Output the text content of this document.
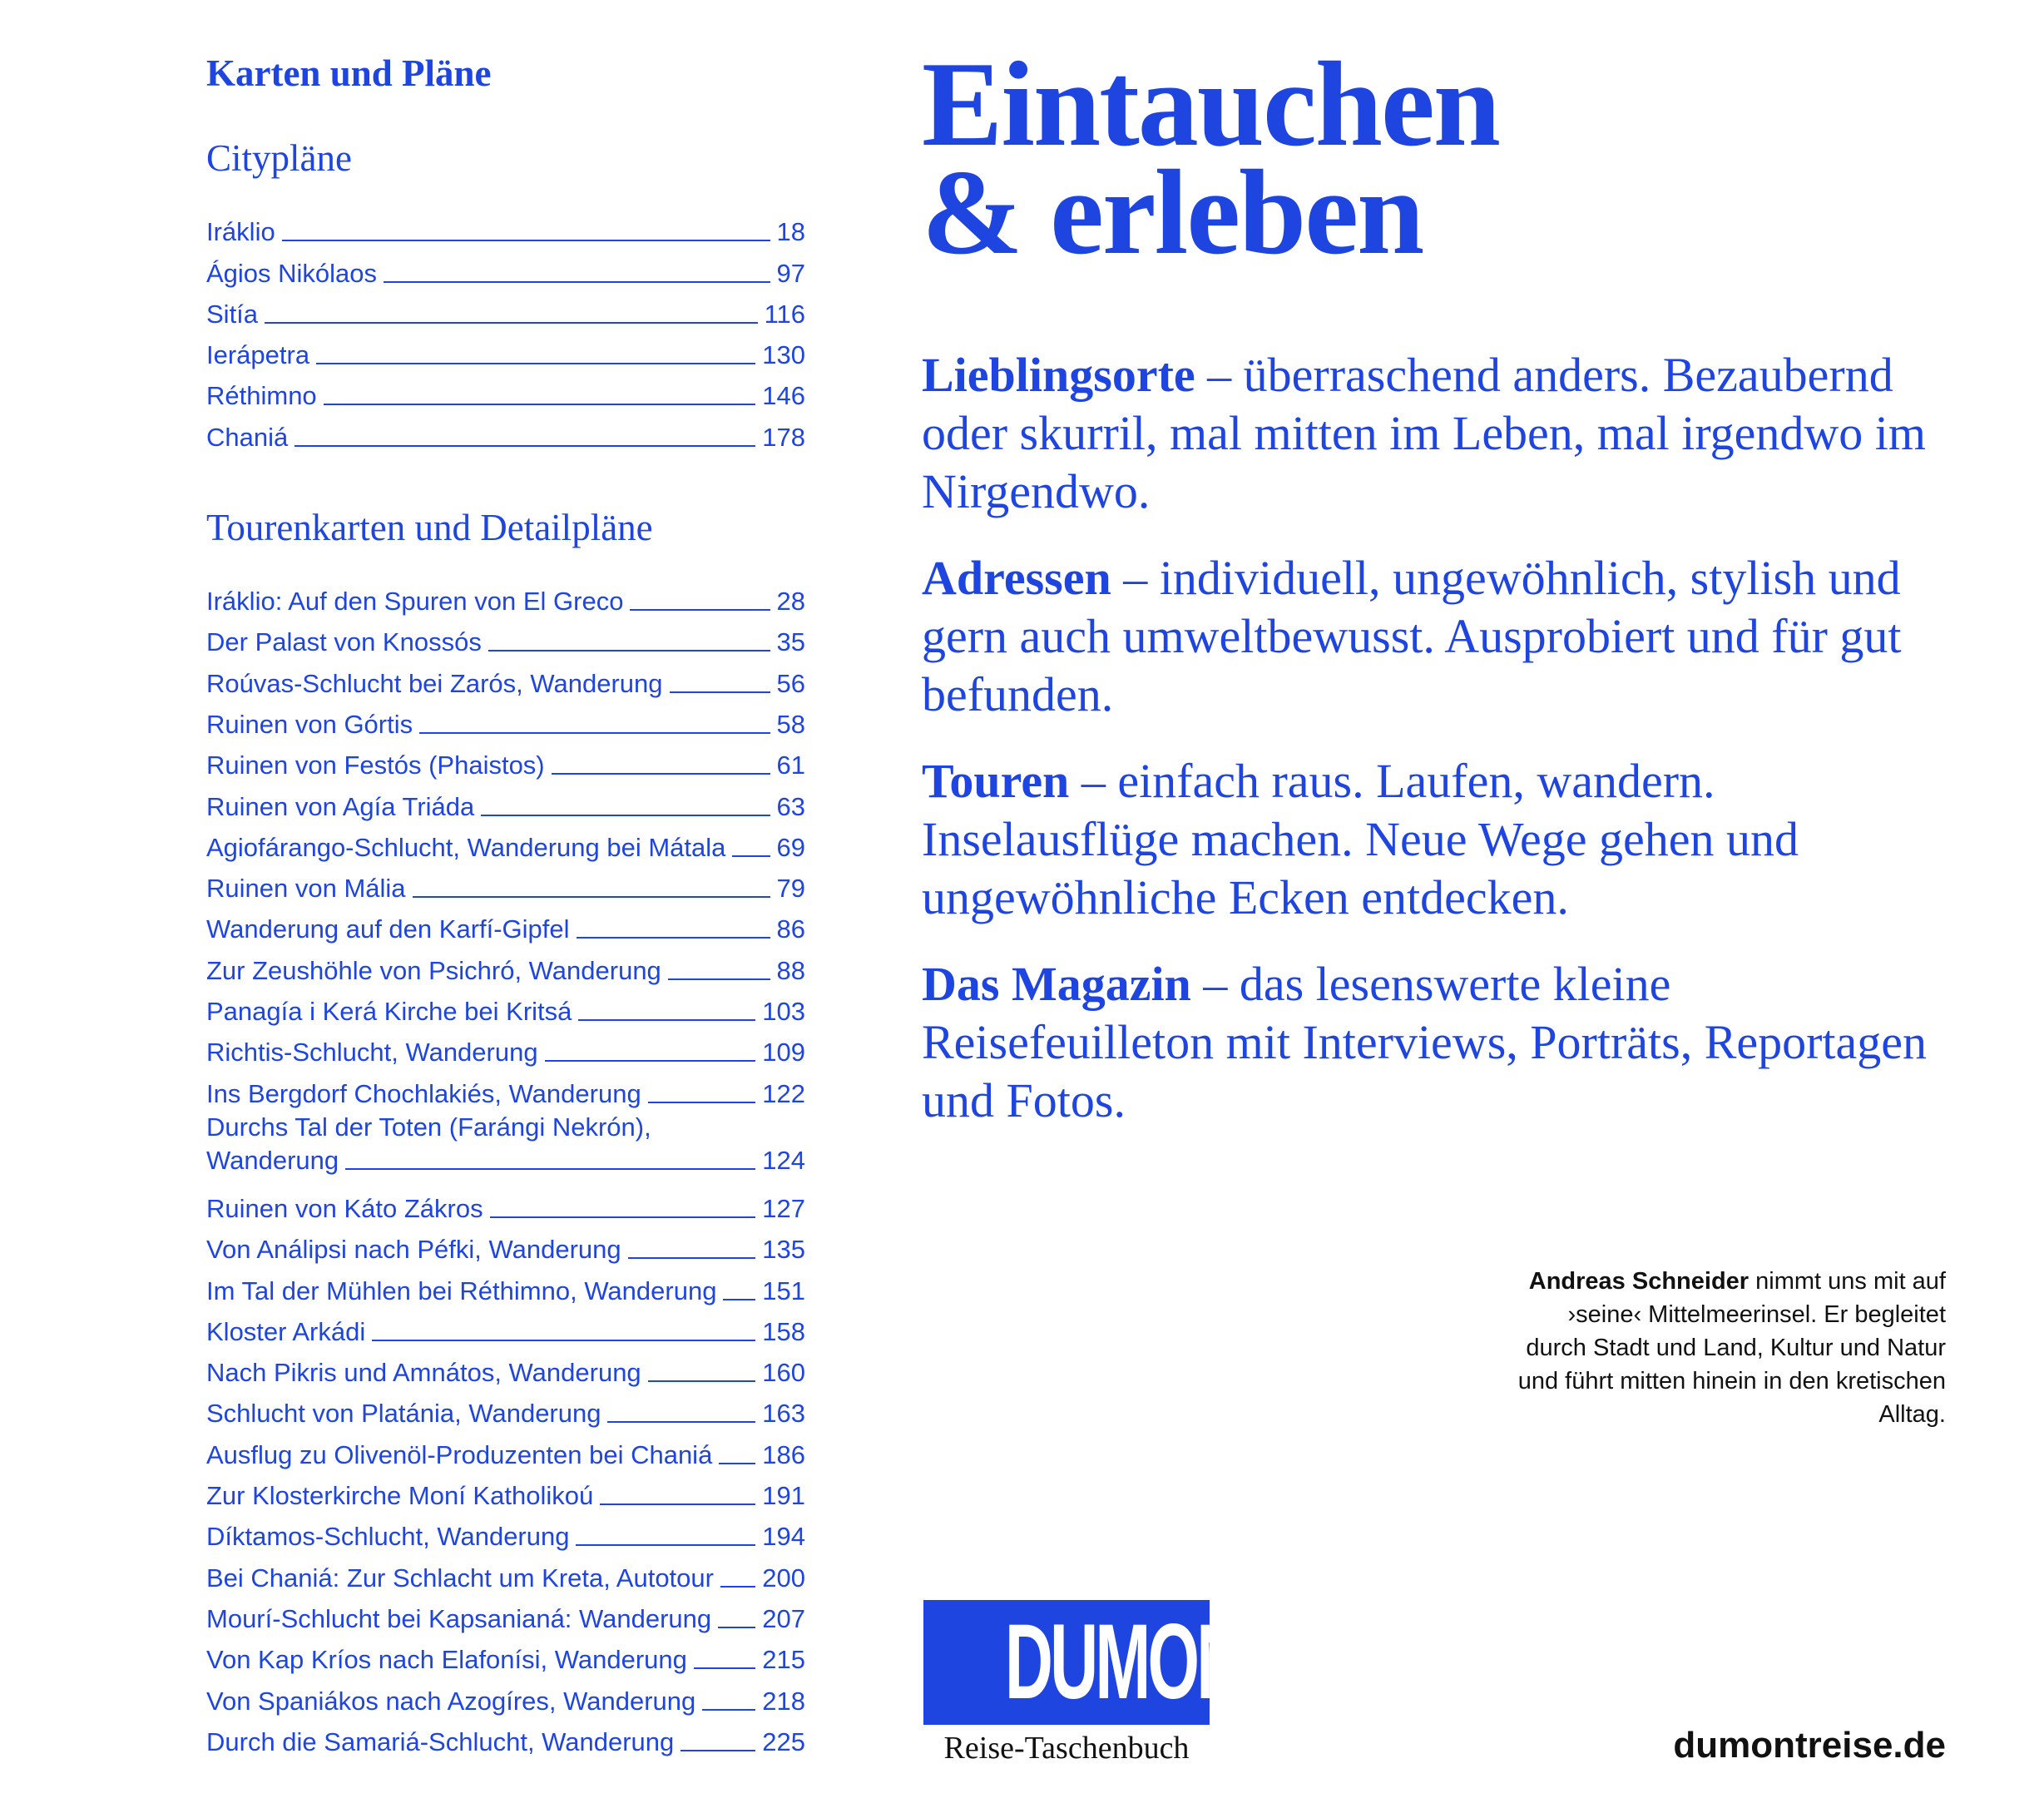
Karten und Pläne
Citypläne
Iráklio	18
Ágios Nikólaos	97
Sitía	116
Ierápetra	130
Réthimno	146
Chaniá	178
Tourenkarten und Detailpläne
Iráklio: Auf den Spuren von El Greco	28
Der Palast von Knossós	35
Roúvas-Schlucht bei Zarós, Wanderung	56
Ruinen von Górtis	58
Ruinen von Festós (Phaistos)	61
Ruinen von Agía Triáda	63
Agiofárango-Schlucht, Wanderung bei Mátala 69
Ruinen von Mália	79
Wanderung auf den Karfí-Gipfel	86
Zur Zeushöhle von Psichró, Wanderung	88
Panagía i Kerá Kirche bei Kritsá	103
Richtis-Schlucht, Wanderung	109
Ins Bergdorf Chochlakiés, Wanderung	122
Durchs Tal der Toten (Farángi Nekrón),
Wanderung	124
Ruinen von Káto Zákros	127
Von Análipsi nach Péfki, Wanderung	135
Im Tal der Mühlen bei Réthimno, Wanderung 151
Kloster Arkádi	158
Nach Pikris und Amnátos, Wanderung	160
Schlucht von Platánia, Wanderung	163
Ausflug zu Olivenöl-Produzenten bei Chaniá 186
Zur Klosterkirche Moní Katholikoú	191
Díktamos-Schlucht, Wanderung	194
Bei Chaniá: Zur Schlacht um Kreta, Autotour 200
Mourí-Schlucht bei Kapsanianá: Wanderung 207
Von Kap Kríos nach Elafonísi, Wanderung	215
Von Spaniákos nach Azogíres, Wanderung	218
Durch die Samariá-Schlucht, Wanderung	225
Eintauchen
& erleben

Lieblingsorte – überraschend anders. Bezaubernd oder skurril, mal mitten im Leben, mal irgendwo im Nirgendwo.

Adressen – individuell, ungewöhnlich, stylish und gern auch umweltbewusst. Ausprobiert und für gut befunden.

Touren – einfach raus. Laufen, wandern. Inselausflüge machen. Neue Wege gehen und ungewöhnliche Ecken entdecken.

Das Magazin – das lesenswerte kleine Reisefeuilleton mit Interviews, Porträts, Reportagen und Fotos.

Andreas Schneider nimmt uns mit auf ›seine‹ Mittelmeerinsel. Er begleitet durch Stadt und Land, Kultur und Natur und führt mitten hinein in den kretischen Alltag.
DUMONT
Reise-Taschenbuch	dumontreise.de
